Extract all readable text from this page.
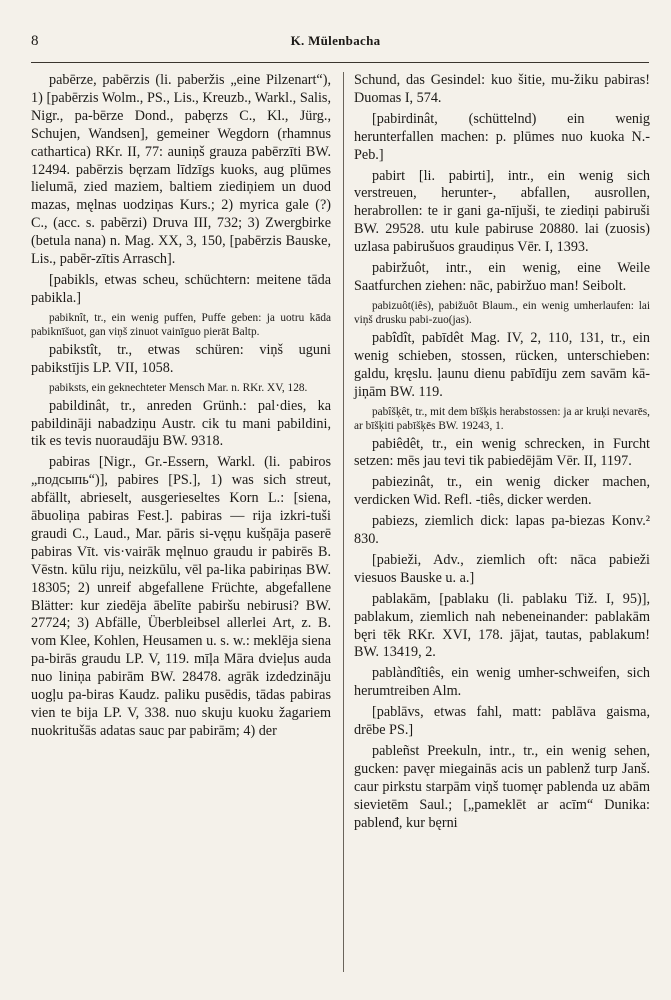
8	K. Mülenbacha

pabērze, pabērzis (li. paberžis „eine Pilzenart“), 1) [pabērzis Wolm., PS., Lis., Kreuzb., Warkl., Salis, Nigr., pa-bērze Dond., pabęrzs C., Kl., Jürg., Schujen, Wandsen], gemeiner Wegdorn (rhamnus cathartica) RKr. II, 77: auniņš grauza pabērzīti BW. 12494. pabērzis bęrzam līdzīgs kuoks, aug plūmes lielumā, zied maziem, baltiem ziediņiem un duod mazas, męlnas uodziņas Kurs.; 2) myrica gale (?) C., (acc. s. pabērzi) Druva III, 732; 3) Zwergbirke (betula nana) n. Mag. XX, 3, 150, [pabērzis Bauske, Lis., pabēr-zītis Arrasch].

[pabikls, etwas scheu, schüchtern: meitene tāda pabikla.]

pabiknît, tr., ein wenig puffen, Puffe geben: ja uotru kāda pabiknīšuot, gan viņš zinuot vainīguo pierāt Baltp.

pabikstît, tr., etwas schüren: viņš uguni pabikstījis LP. VII, 1058.

pabiksts, ein geknechteter Mensch Mar. n. RKr. XV, 128.

pabildinât, tr., anreden Grünh.: pal·dies, ka pabildināji nabadziņu Austr. cik tu mani pabildini, tik es tevis nuoraudāju BW. 9318.

pabiras [Nigr., Gr.-Essern, Warkl. (li. pabiros „подсыпь“)], pabires [PS.], 1) was sich streut, abfällt, abrieselt, ausgerieseltes Korn L.: [siena, ābuoliņa pabiras Fest.]. pabiras — rija izkri-tuši graudi C., Laud., Mar. pāris si-vęņu kušņāja paserē pabiras Vīt. vis·vairāk męlnuo graudu ir pabirēs B. Vēstn. kūlu riju, neizkūlu, vēl pa-lika pabiriņas BW. 18305; 2) unreif abgefallene Früchte, abgefallene Blätter: kur ziedēja ābelīte pabiršu nebirusi? BW. 27724; 3) Abfälle, Überbleibsel allerlei Art, z. B. vom Klee, Kohlen, Heusamen u. s. w.: meklēja siena pa-birās graudu LP. V, 119. mīļa Māra dvieļus auda nuo liniņa pabirām BW. 28478. agrāk izdedzināju uogļu pa-biras Kaudz. paliku pusēdis, tādas pabiras vien te bija LP. V, 338. nuo skuju kuoku žagariem nuokritušās adatas sauc par pabirām; 4) der

Schund, das Gesindel: kuo šitie, mu-žiku pabiras! Duomas I, 574.

[pabirdinât, (schüttelnd) ein wenig herunterfallen machen: p. plūmes nuo kuoka N.-Peb.]

pabirt [li. pabirti], intr., ein wenig sich verstreuen, herunter-, abfallen, ausrollen, herabrollen: te ir gani ga-nījuši, te ziediņi pabiruši BW. 29528. utu kule pabiruse 20880. lai (zuosis) uzlasa pabirušuos graudiņus Vēr. I, 1393.

pabiržuôt, intr., ein wenig, eine Weile Saatfurchen ziehen: nāc, pabiržuo man! Seibolt.

pabizuôt(iês), pabižuôt Blaum., ein wenig umherlaufen: lai viņš drusku pabi-zuo(jas).

pabîdît, pabīdêt Mag. IV, 2, 110, 131, tr., ein wenig schieben, stossen, rücken, unterschieben: galdu, kręslu. ļaunu dienu pabīdīju zem savām kā-jiņām BW. 119.

pabîšķêt, tr., mit dem bīšķis herabstossen: ja ar kruķi nevarēs, ar bīšķiti pabīšķēs BW. 19243, 1.

pabiêdêt, tr., ein wenig schrecken, in Furcht setzen: mēs jau tevi tik pabiedējām Vēr. II, 1197.

pabiezinât, tr., ein wenig dicker machen, verdicken Wid. Refl. -tiês, dicker werden.

pabiezs, ziemlich dick: lapas pa-biezas Konv.² 830.

[pabieži, Adv., ziemlich oft: nāca pabieži viesuos Bauske u. a.]

pablakām, [pablaku (li. pablaku Tiž. I, 95)], pablakum, ziemlich nah nebeneinander: pablakām bęri tēk RKr. XVI, 178. jājat, tautas, pablakum! BW. 13419, 2.

pablàndîtiês, ein wenig umher-schweifen, sich herumtreiben Alm.

[pablāvs, etwas fahl, matt: pablāva gaisma, drēbe PS.]

pableñst Preekuln, intr., tr., ein wenig sehen, gucken: pavęr miegainās acis un pablenž turp Janš. caur pirkstu starpām viņš tuomęr pablenda uz abām sievietēm Saul.; [„pameklēt ar acīm“ Dunika: pablenđ, kur bęrni
